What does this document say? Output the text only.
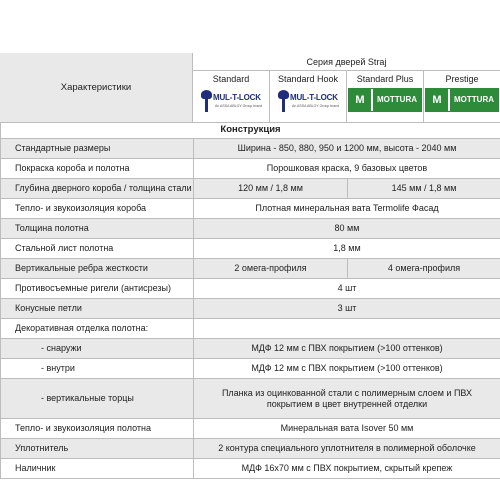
Характеристики
Серия дверей Straj
Standard
MUL-T-LOCK
An ASSA ABLOY Group brand
Standard Hook
MUL-T-LOCK
An ASSA ABLOY Group brand
Standard Plus
M	MOTTURA
Prestige
M	MOTTURA
Конструкция		
Стандартные размеры	Ширина - 850, 880, 950 и 1200 мм, высота - 2040 мм	
Покраска короба и полотна	Порошковая краска, 9 базовых цветов	
Глубина дверного короба / толщина стали	120 мм / 1,8 мм	145 мм / 1,8 мм
Тепло- и звукоизоляция короба	Плотная минеральная вата Termolife Фасад	
Толщина полотна	80 мм	
Стальной лист полотна	1,8 мм	
Вертикальные ребра жесткости	2 омега-профиля	4 омега-профиля
Противосъемные ригели (антисрезы)	4 шт	
Конусные петли	3 шт	
Декоративная отделка полотна:		
- снаружи	МДФ 12 мм с ПВХ покрытием (>100 оттенков)	
- внутри	МДФ 12 мм с ПВХ покрытием (>100 оттенков)	
- вертикальные торцы	Планка из оцинкованной стали с полимерным слоем и ПВХ покрытием в цвет внутренней отделки	
Тепло- и звукоизоляция полотна	Минеральная вата Isover 50 мм	
Уплотнитель	2 контура специального уплотнителя в полимерной оболочке	
Наличник	МДФ 16х70 мм с ПВХ покрытием, скрытый крепеж	
